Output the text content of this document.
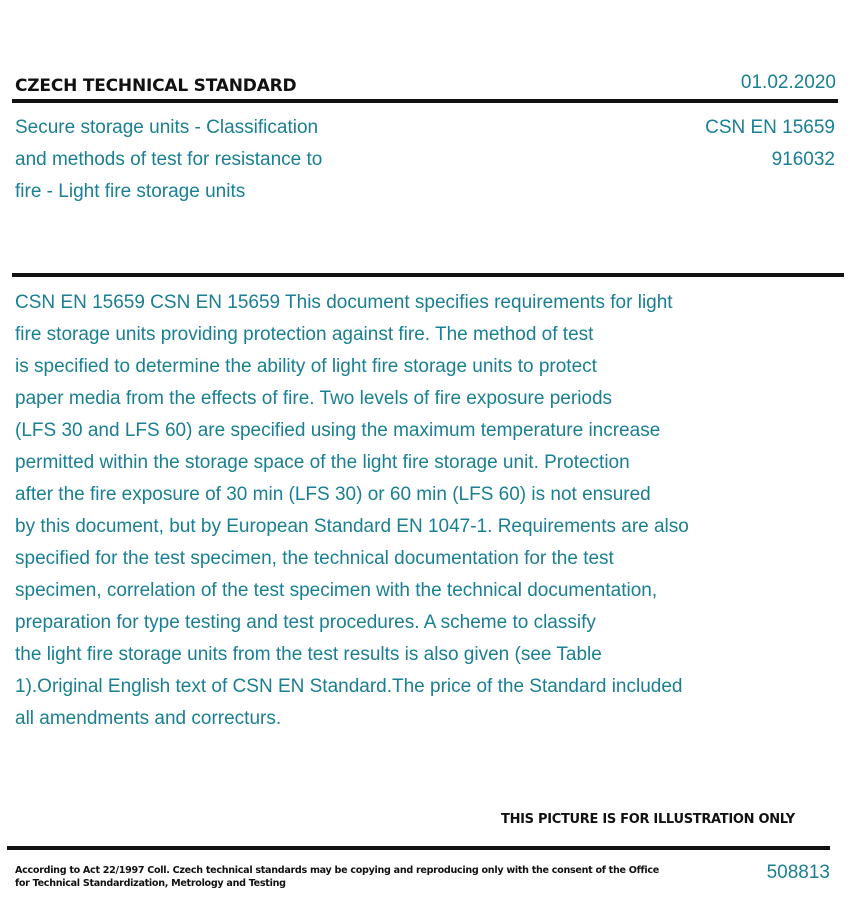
CZECH TECHNICAL STANDARD	01.02.2020
Secure storage units - Classification
and methods of test for resistance to
fire - Light fire storage units
CSN EN 15659
916032
CSN EN 15659 CSN EN 15659 This document specifies requirements for light
fire storage units providing protection against fire. The method of test
is specified to determine the ability of light fire storage units to protect
paper media from the effects of fire. Two levels of fire exposure periods
(LFS 30 and LFS 60) are specified using the maximum temperature increase
permitted within the storage space of the light fire storage unit. Protection
after the fire exposure of 30 min (LFS 30) or 60 min (LFS 60) is not ensured
by this document, but by European Standard EN 1047-1. Requirements are also
specified for the test specimen, the technical documentation for the test
specimen, correlation of the test specimen with the technical documentation,
preparation for type testing and test procedures. A scheme to classify
the light fire storage units from the test results is also given (see Table
1).Original English text of CSN EN Standard.The price of the Standard included
all amendments and correcturs.
THIS PICTURE IS FOR ILLUSTRATION ONLY
According to Act 22/1997 Coll. Czech technical standards may be copying and reproducing only with the consent of the Office
for Technical Standardization, Metrology and Testing
508813
